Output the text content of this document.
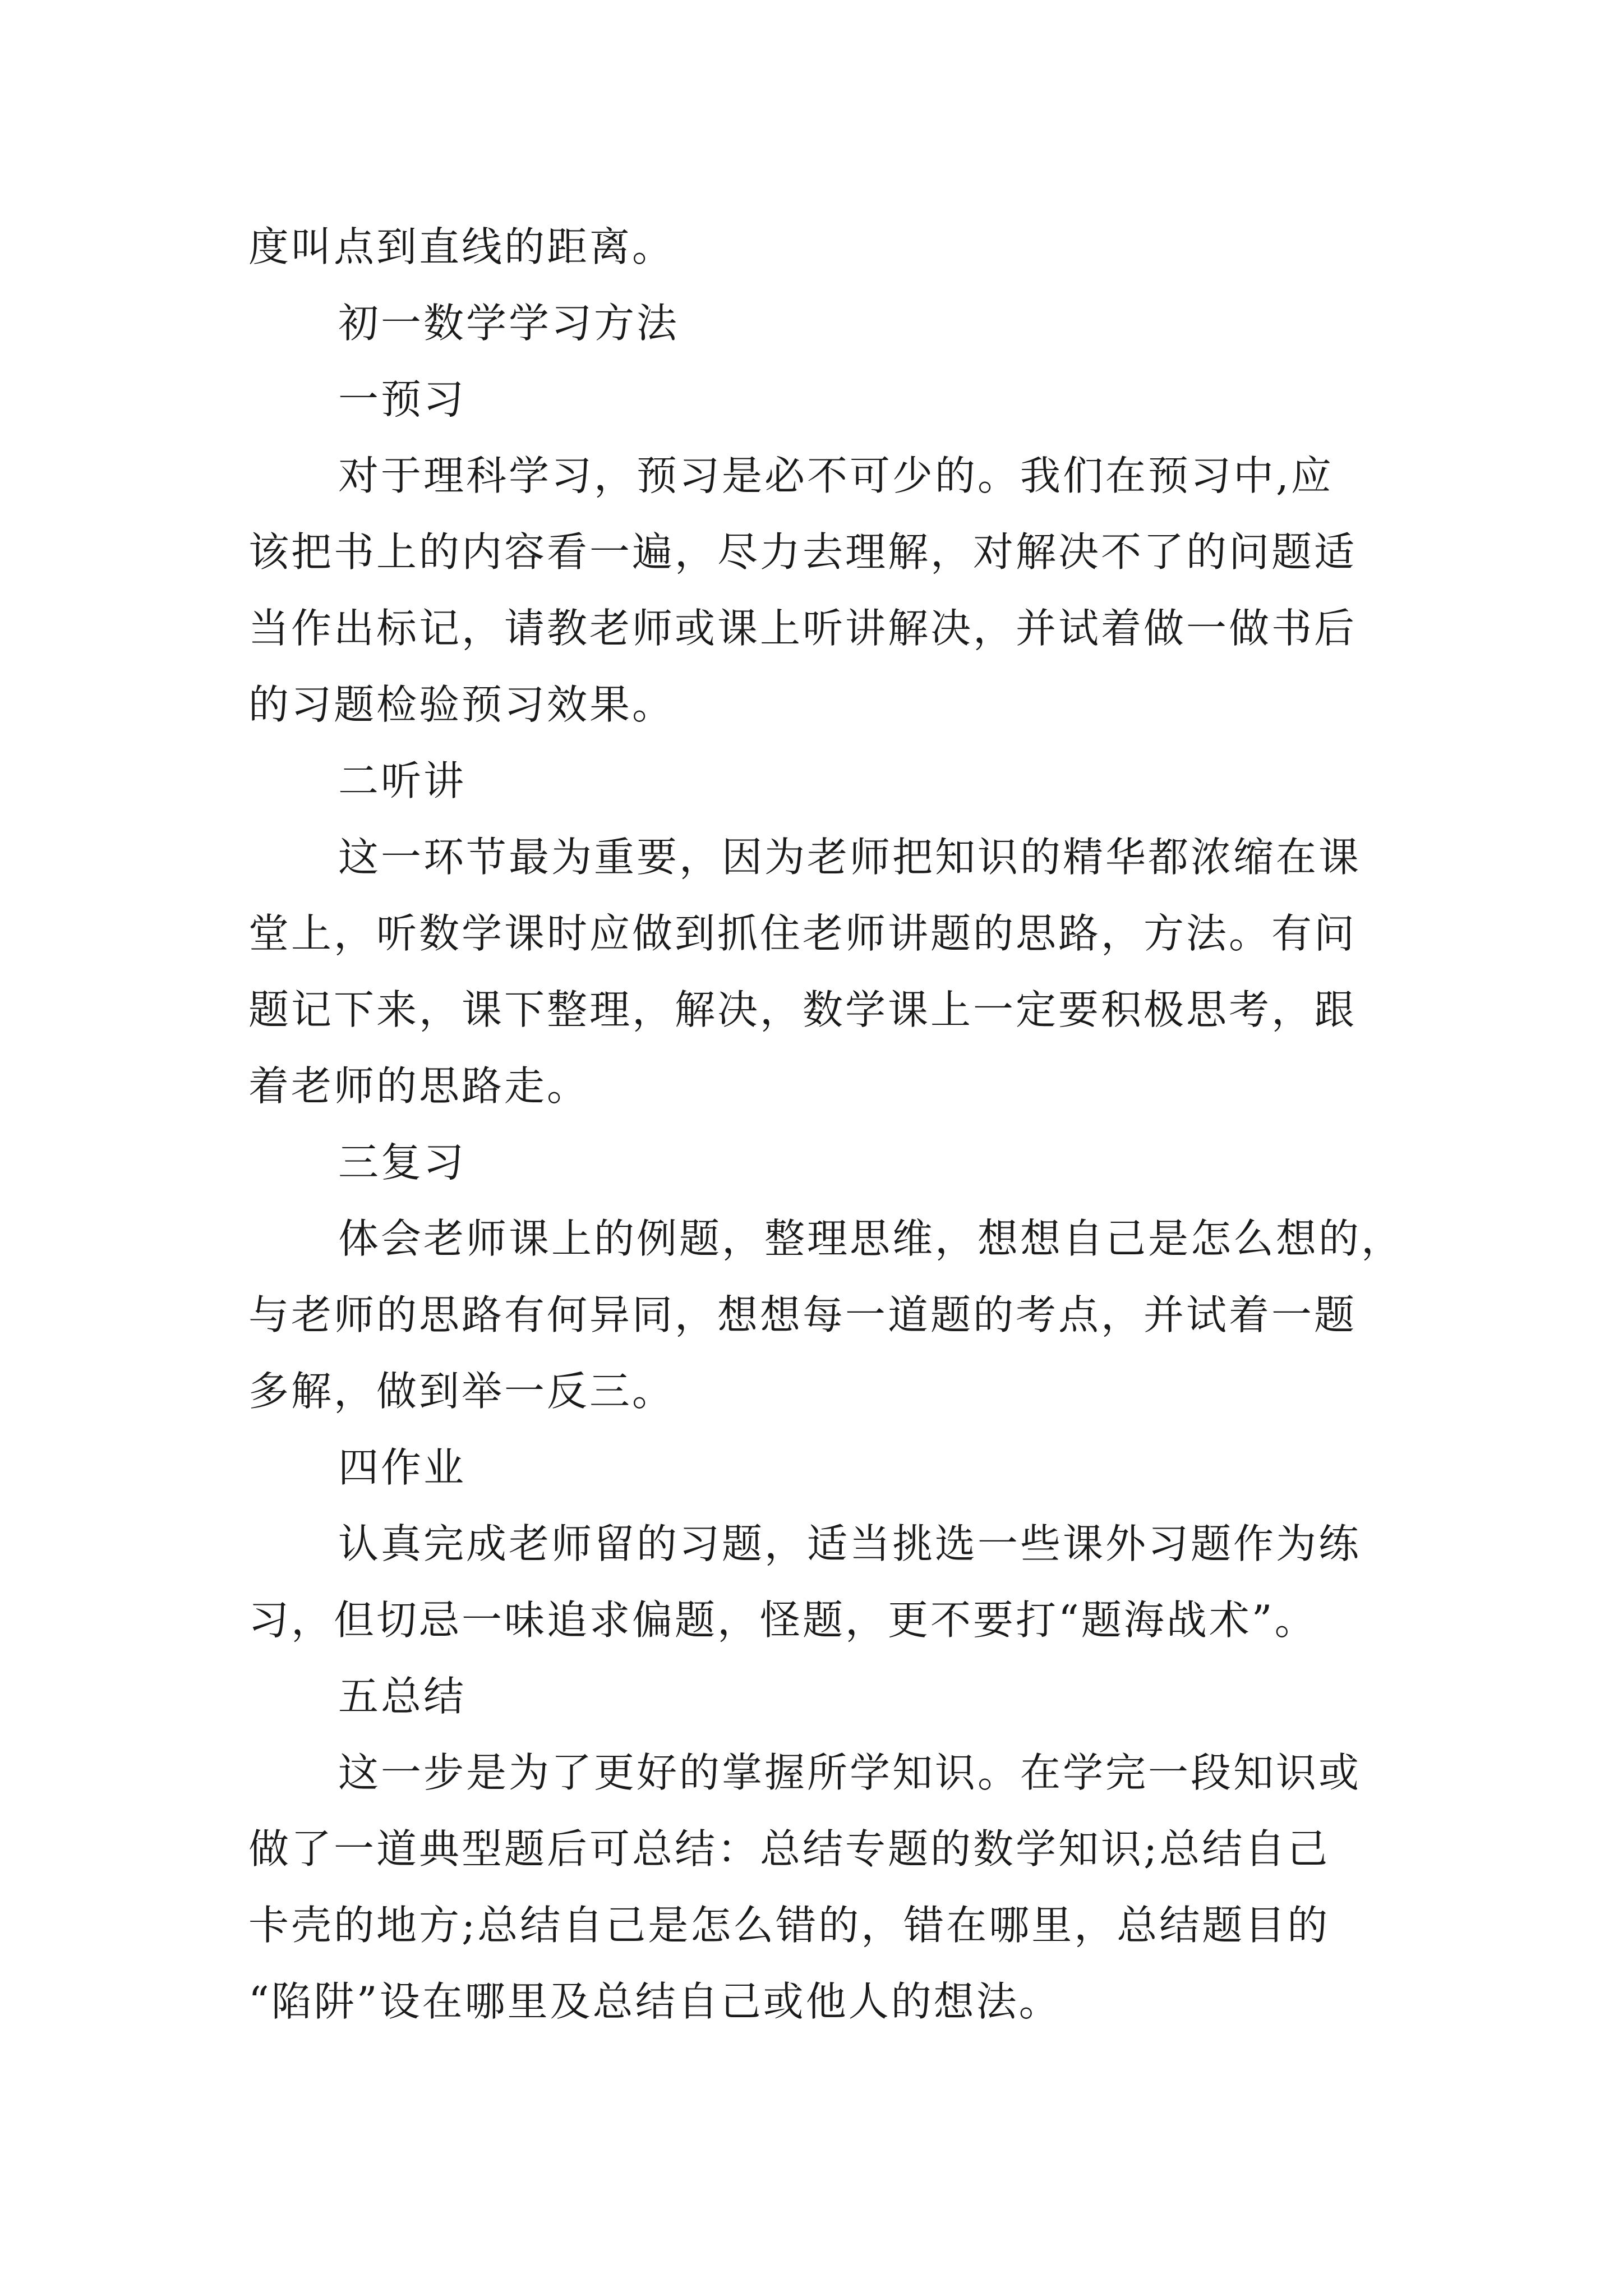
度叫点到直线的距离。
初一数学学习方法
一预习
对于理科学习，预习是必不可少的。我们在预习中,应
该把书上的内容看一遍，尽力去理解，对解决不了的问题适
当作出标记，请教老师或课上听讲解决，并试着做一做书后
的习题检验预习效果。
二听讲
这一环节最为重要，因为老师把知识的精华都浓缩在课
堂上，听数学课时应做到抓住老师讲题的思路，方法。有问
题记下来，课下整理，解决，数学课上一定要积极思考，跟
着老师的思路走。
三复习
体会老师课上的例题，整理思维，想想自己是怎么想的，
与老师的思路有何异同，想想每一道题的考点，并试着一题
多解，做到举一反三。
四作业
认真完成老师留的习题，适当挑选一些课外习题作为练
习，但切忌一味追求偏题，怪题，更不要打“题海战术”。
五总结
这一步是为了更好的掌握所学知识。在学完一段知识或
做了一道典型题后可总结：总结专题的数学知识;总结自己
卡壳的地方;总结自己是怎么错的，错在哪里，总结题目的
“陷阱”设在哪里及总结自己或他人的想法。
